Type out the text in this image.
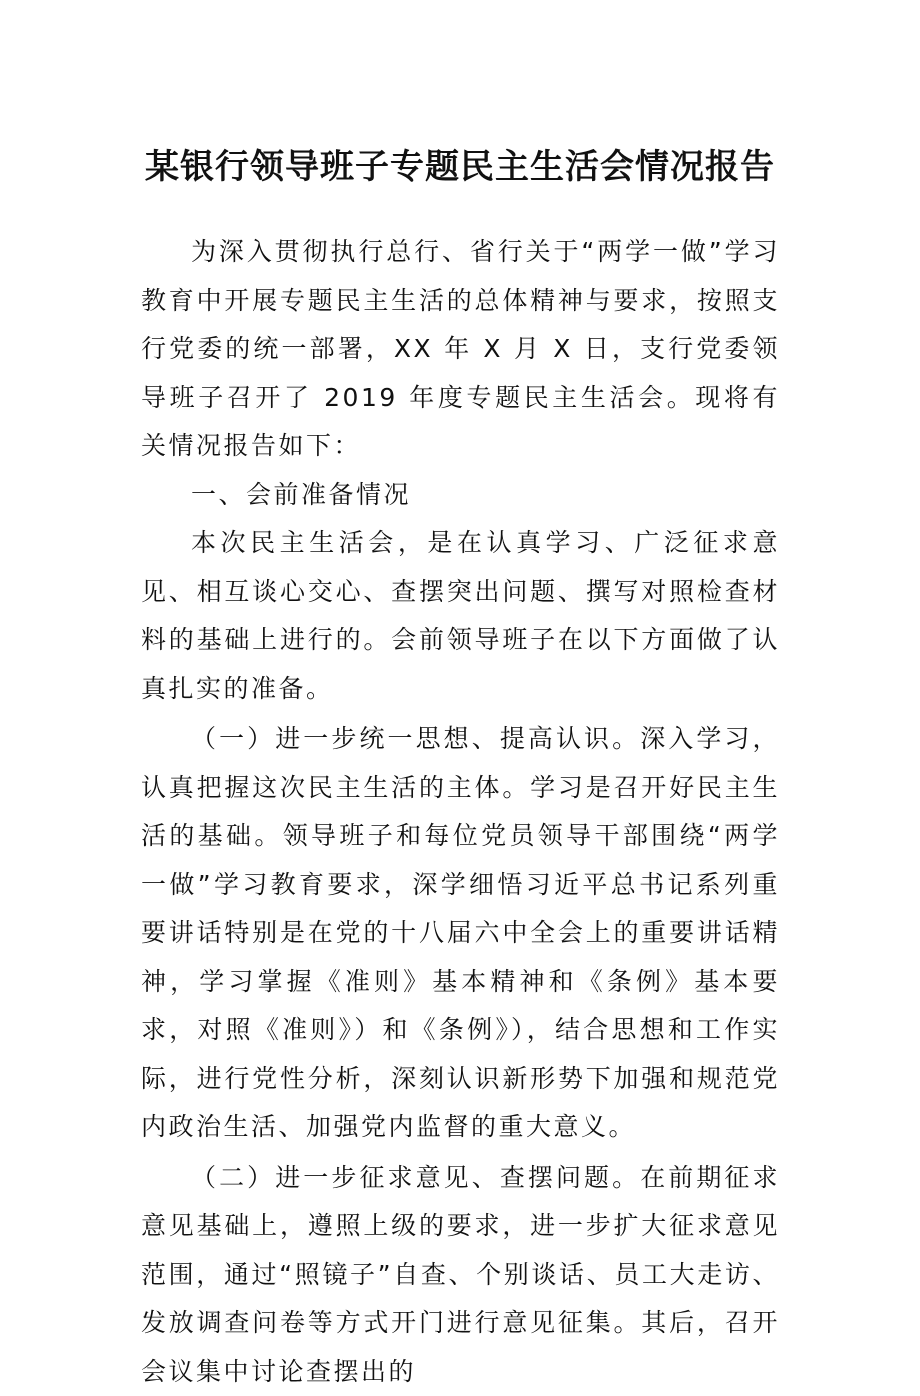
某银行领导班子专题民主生活会情况报告

为深入贯彻执行总行、省行关于“两学一做”学习教育中开展专题民主生活的总体精神与要求，按照支行党委的统一部署，XX 年 X 月 X 日，支行党委领导班子召开了 2019 年度专题民主生活会。现将有关情况报告如下：

一、会前准备情况

本次民主生活会，是在认真学习、广泛征求意见、相互谈心交心、查摆突出问题、撰写对照检查材料的基础上进行的。会前领导班子在以下方面做了认真扎实的准备。

（一）进一步统一思想、提高认识。深入学习，认真把握这次民主生活的主体。学习是召开好民主生活的基础。领导班子和每位党员领导干部围绕“两学一做”学习教育要求，深学细悟习近平总书记系列重要讲话特别是在党的十八届六中全会上的重要讲话精神，学习掌握《准则》基本精神和《条例》基本要求，对照《准则》）和《条例》），结合思想和工作实际，进行党性分析，深刻认识新形势下加强和规范党内政治生活、加强党内监督的重大意义。

（二）进一步征求意见、查摆问题。在前期征求意见基础上，遵照上级的要求，进一步扩大征求意见范围，通过“照镜子”自查、个别谈话、员工大走访、发放调查问卷等方式开门进行意见征集。其后，召开会议集中讨论查摆出的
